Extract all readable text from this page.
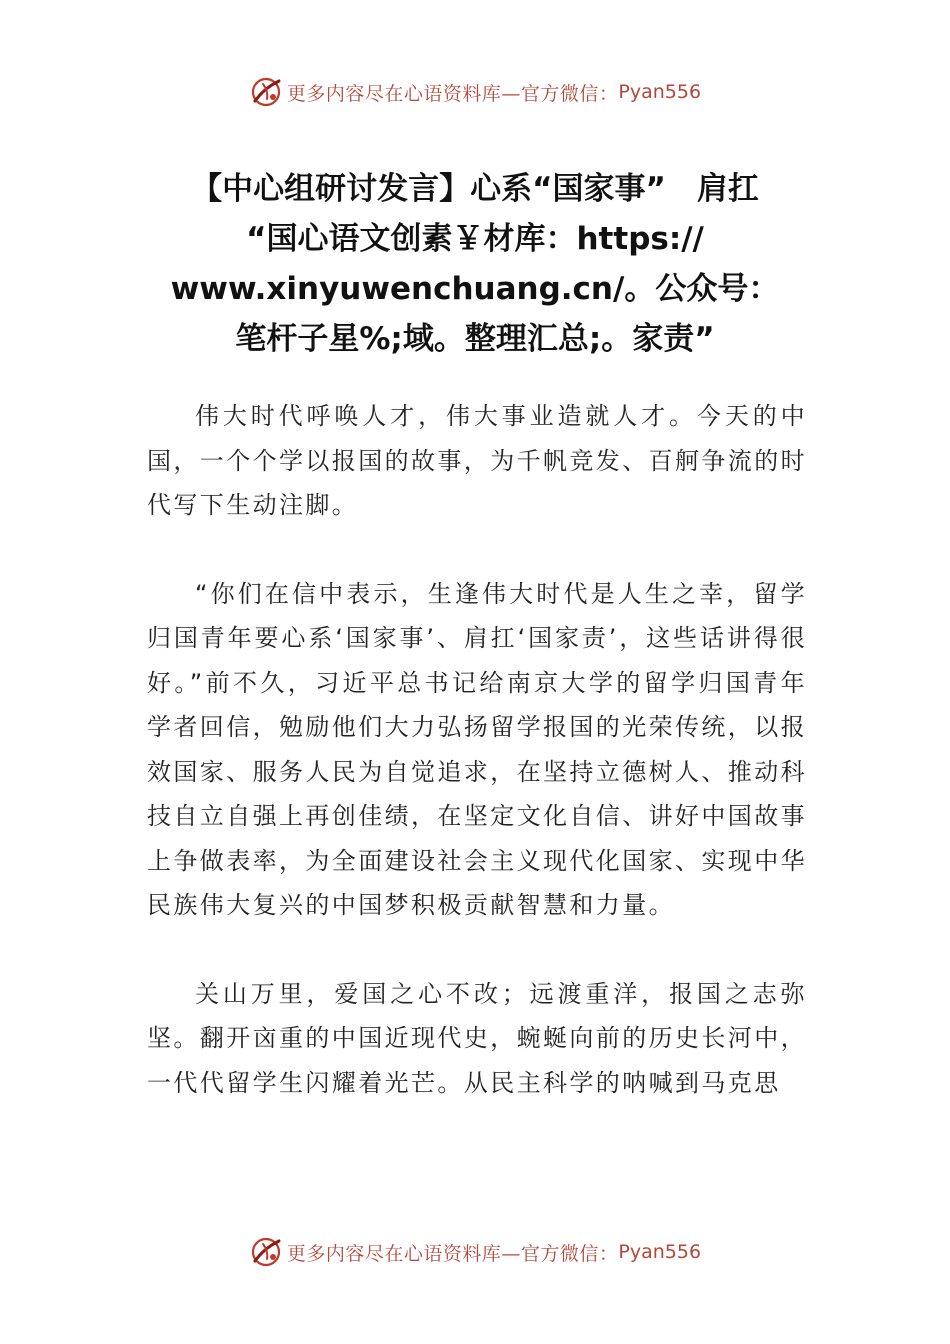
更多内容尽在心语资料库—官方微信： Pyan556
【中心组研讨发言】心系“国家事”　肩扛
“国心语文创素￥材库：https://
www.xinyuwenchuang.cn/。公众号：
笔杆子星%;域。整理汇总;。家责”

伟大时代呼唤人才，伟大事业造就人才。今天的中国，一个个学以报国的故事，为千帆竞发、百舸争流的时代写下生动注脚。

“你们在信中表示，生逢伟大时代是人生之幸，留学归国青年要心系‘国家事’、肩扛‘国家责’，这些话讲得很好。”前不久，习近平总书记给南京大学的留学归国青年学者回信，勉励他们大力弘扬留学报国的光荣传统，以报效国家、服务人民为自觉追求，在坚持立德树人、推动科技自立自强上再创佳绩，在坚定文化自信、讲好中国故事上争做表率，为全面建设社会主义现代化国家、实现中华民族伟大复兴的中国梦积极贡献智慧和力量。

关山万里，爱国之心不改；远渡重洋，报国之志弥坚。翻开㐫重的中国近现代史，蜿蜒向前的历史长河中，一代代留学生闪耀着光芒。从民主科学的呐喊到马克思

更多内容尽在心语资料库—官方微信： Pyan556
